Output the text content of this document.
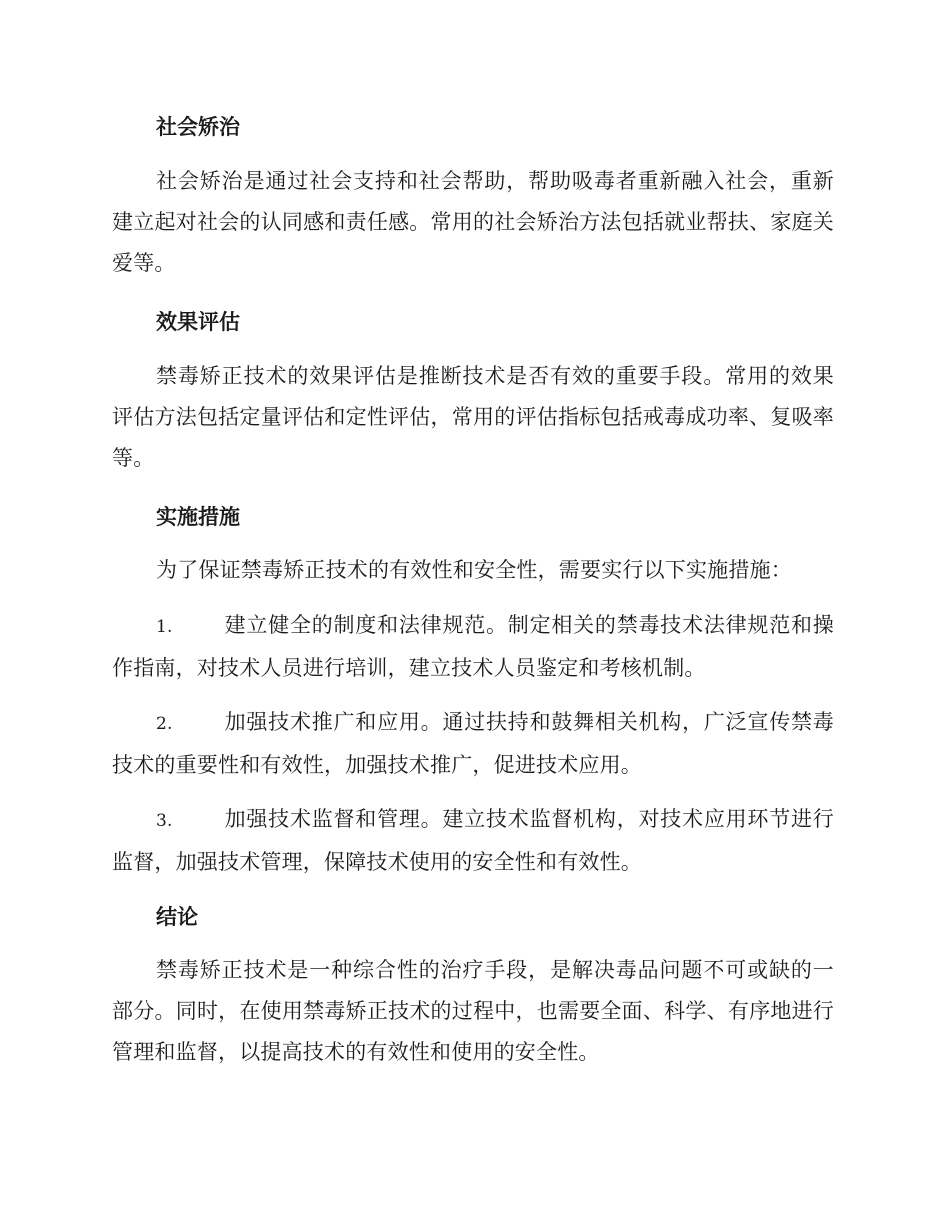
社会矫治

社会矫治是通过社会支持和社会帮助，帮助吸毒者重新融入社会，重新建立起对社会的认同感和责任感。常用的社会矫治方法包括就业帮扶、家庭关爱等。

效果评估

禁毒矫正技术的效果评估是推断技术是否有效的重要手段。常用的效果评估方法包括定量评估和定性评估，常用的评估指标包括戒毒成功率、复吸率等。

实施措施

为了保证禁毒矫正技术的有效性和安全性，需要实行以下实施措施：

1. 建立健全的制度和法律规范。制定相关的禁毒技术法律规范和操作指南，对技术人员进行培训，建立技术人员鉴定和考核机制。

2. 加强技术推广和应用。通过扶持和鼓舞相关机构，广泛宣传禁毒技术的重要性和有效性，加强技术推广，促进技术应用。

3. 加强技术监督和管理。建立技术监督机构，对技术应用环节进行监督，加强技术管理，保障技术使用的安全性和有效性。

结论

禁毒矫正技术是一种综合性的治疗手段，是解决毒品问题不可或缺的一部分。同时，在使用禁毒矫正技术的过程中，也需要全面、科学、有序地进行管理和监督，以提高技术的有效性和使用的安全性。
